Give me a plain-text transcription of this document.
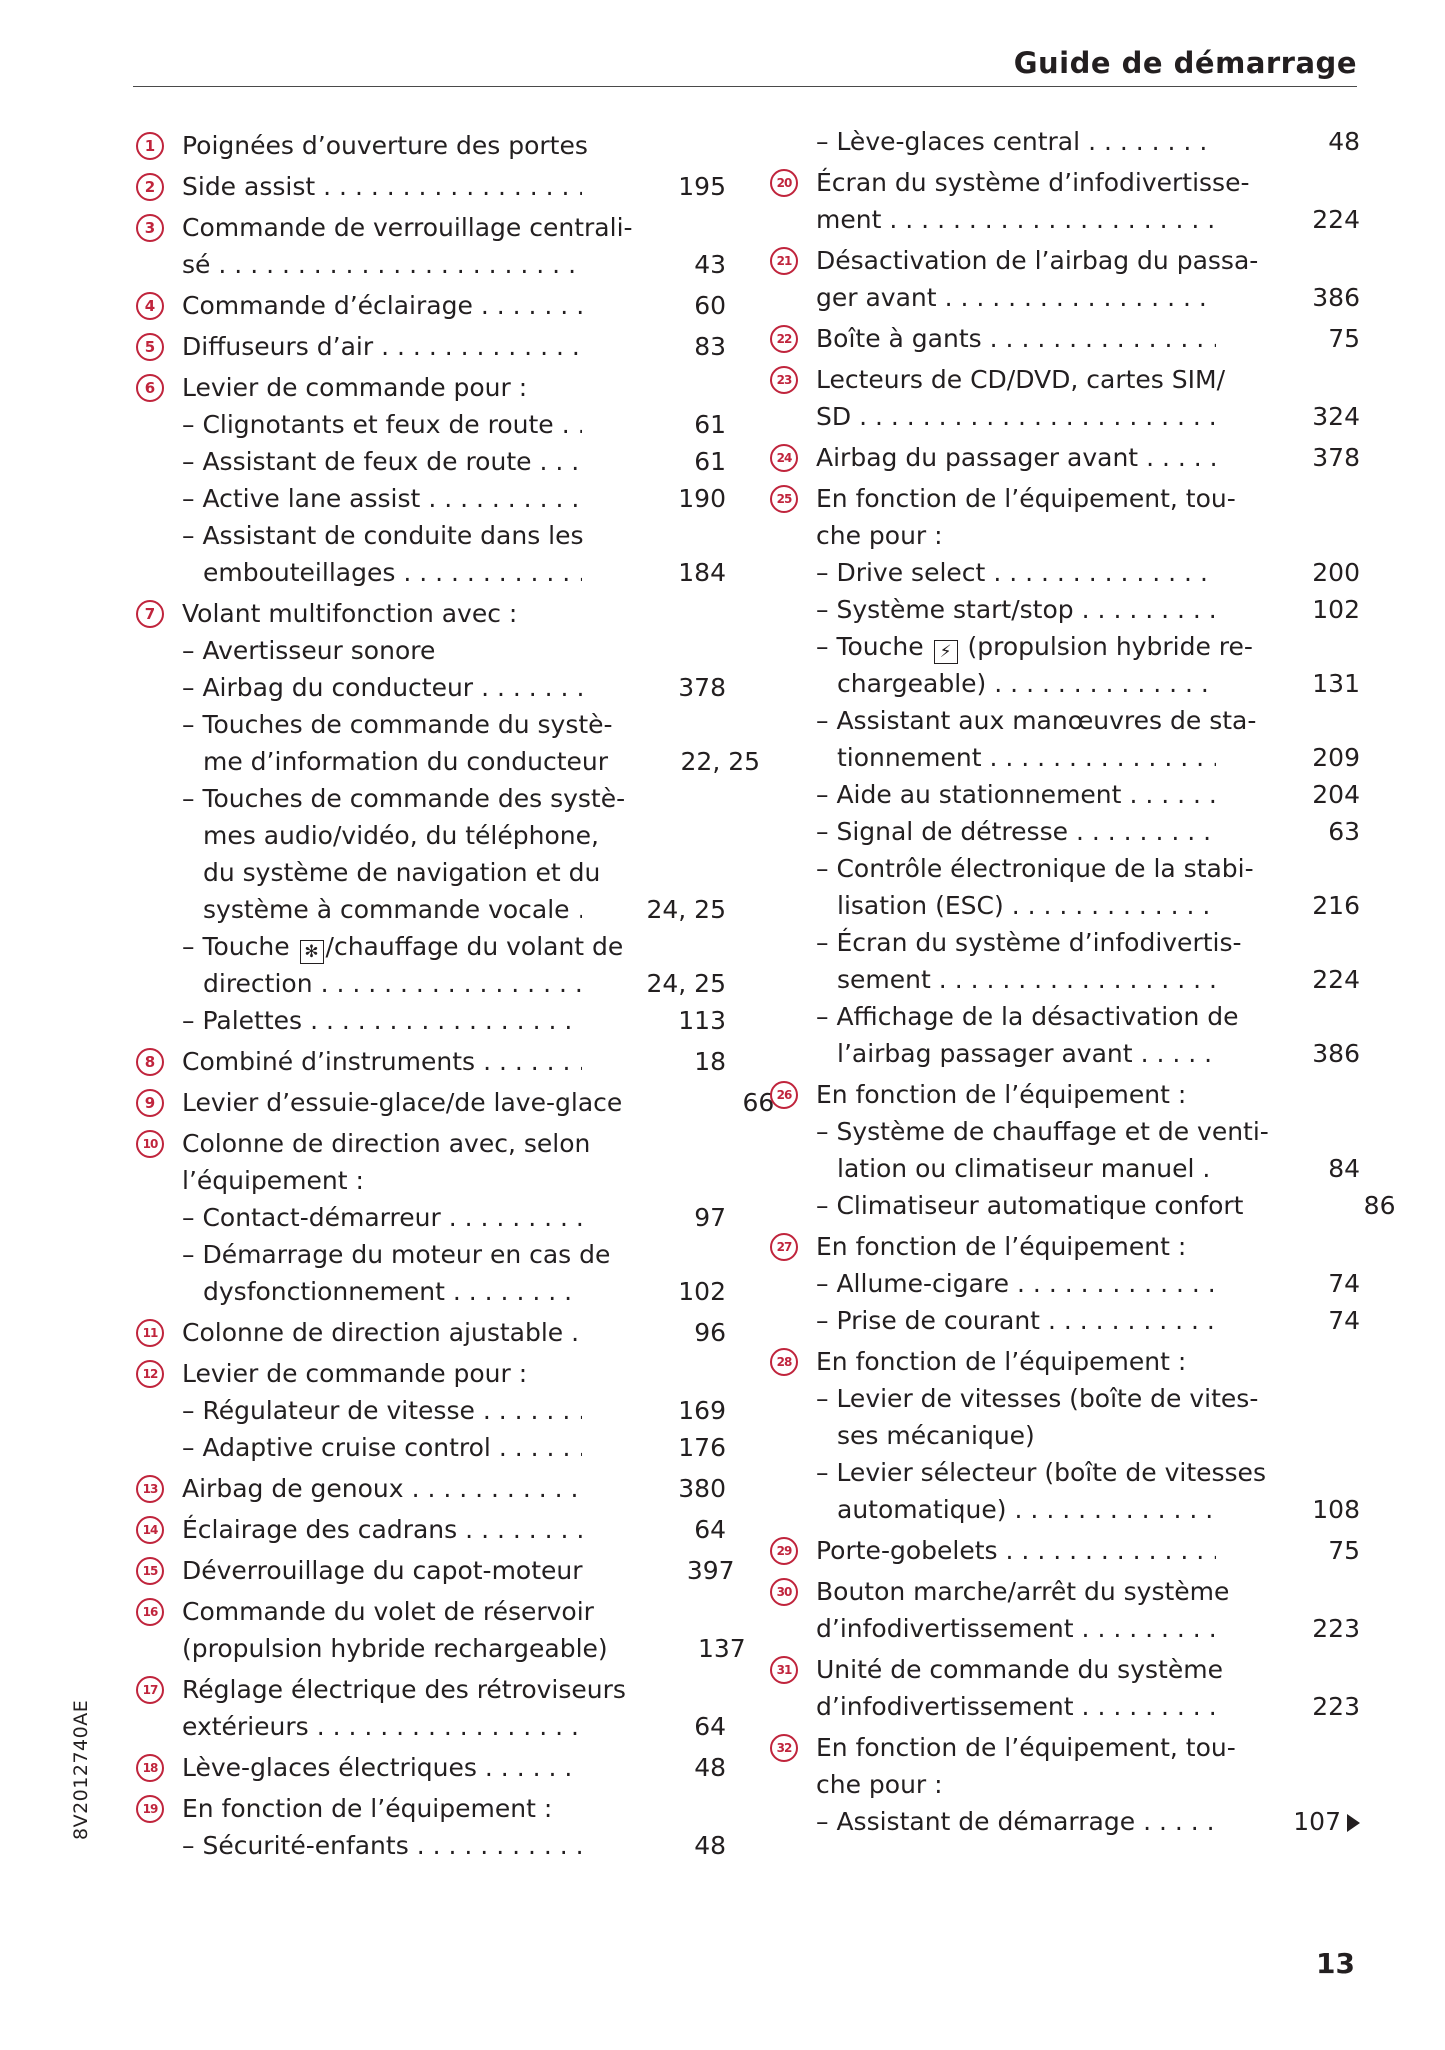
Guide de démarrage
1	Poignées d’ouverture des portes
2	Side assist . . .	195
3	Commande de verrouillage centrali-
sé . . .	43
4	Commande d’éclairage . . .	60
5	Diffuseurs d’air . . .	83
6	Levier de commande pour :
– Clignotants et feux de route . . .	61
– Assistant de feux de route . . .	61
– Active lane assist . . .	190
– Assistant de conduite dans les
embouteillages . . .	184
7	Volant multifonction avec :
– Avertisseur sonore
– Airbag du conducteur . . .	378
– Touches de commande du systè-
me d’information du conducteur	22, 25
– Touches de commande des systè-
mes audio/vidéo, du téléphone,
du système de navigation et du
système à commande vocale . . .	24, 25
– Touche ✻ /chauffage du volant de
direction . . .	24, 25
– Palettes . . .	113
8	Combiné d’instruments . . .	18
9	Levier d’essuie-glace/de lave-glace	66
10 Colonne de direction avec, selon
l’équipement :
– Contact-démarreur . . .	97
– Démarrage du moteur en cas de
dysfonctionnement . . .	102
11 Colonne de direction ajustable . . .	96
12 Levier de commande pour :
– Régulateur de vitesse . . .	169
– Adaptive cruise control . . .	176
13 Airbag de genoux . . .	380
14 Éclairage des cadrans . . .	64
15 Déverrouillage du capot-moteur	397
16 Commande du volet de réservoir
(propulsion hybride rechargeable)	137
17 Réglage électrique des rétroviseurs
extérieurs . . .	64
18 Lève-glaces électriques . . .	48
19 En fonction de l’équipement :
– Sécurité-enfants . . .	48
– Lève-glaces central . . .	48
20 Écran du système d’infodivertisse-
ment . . .	224
21 Désactivation de l’airbag du passa-
ger avant . . .	386
22 Boîte à gants . . .	75
23 Lecteurs de CD/DVD, cartes SIM/
SD . . .	324
24 Airbag du passager avant . . .	378
25 En fonction de l’équipement, tou-
che pour :
– Drive select . . .	200
– Système start/stop . . .	102
– Touche ⚡ (propulsion hybride re-
chargeable) . . .	131
– Assistant aux manœuvres de sta-
tionnement . . .	209
– Aide au stationnement . . .	204
– Signal de détresse . . .	63
– Contrôle électronique de la stabi-
lisation (ESC) . . .	216
– Écran du système d’infodivertis-
sement . . .	224
– Affichage de la désactivation de
l’airbag passager avant . . .	386
26 En fonction de l’équipement :
– Système de chauffage et de venti-
lation ou climatiseur manuel . . .	84
– Climatiseur automatique confort	86
27 En fonction de l’équipement :
– Allume-cigare . . .	74
– Prise de courant . . .	74
28 En fonction de l’équipement :
– Levier de vitesses (boîte de vites-
ses mécanique)
– Levier sélecteur (boîte de vitesses
automatique) . . .	108
29 Porte-gobelets . . .	75
30 Bouton marche/arrêt du système
d’infodivertissement . . .	223
31 Unité de commande du système
d’infodivertissement . . .	223
32 En fonction de l’équipement, tou-
che pour :
– Assistant de démarrage . . .	107
8V2012740AE
13
